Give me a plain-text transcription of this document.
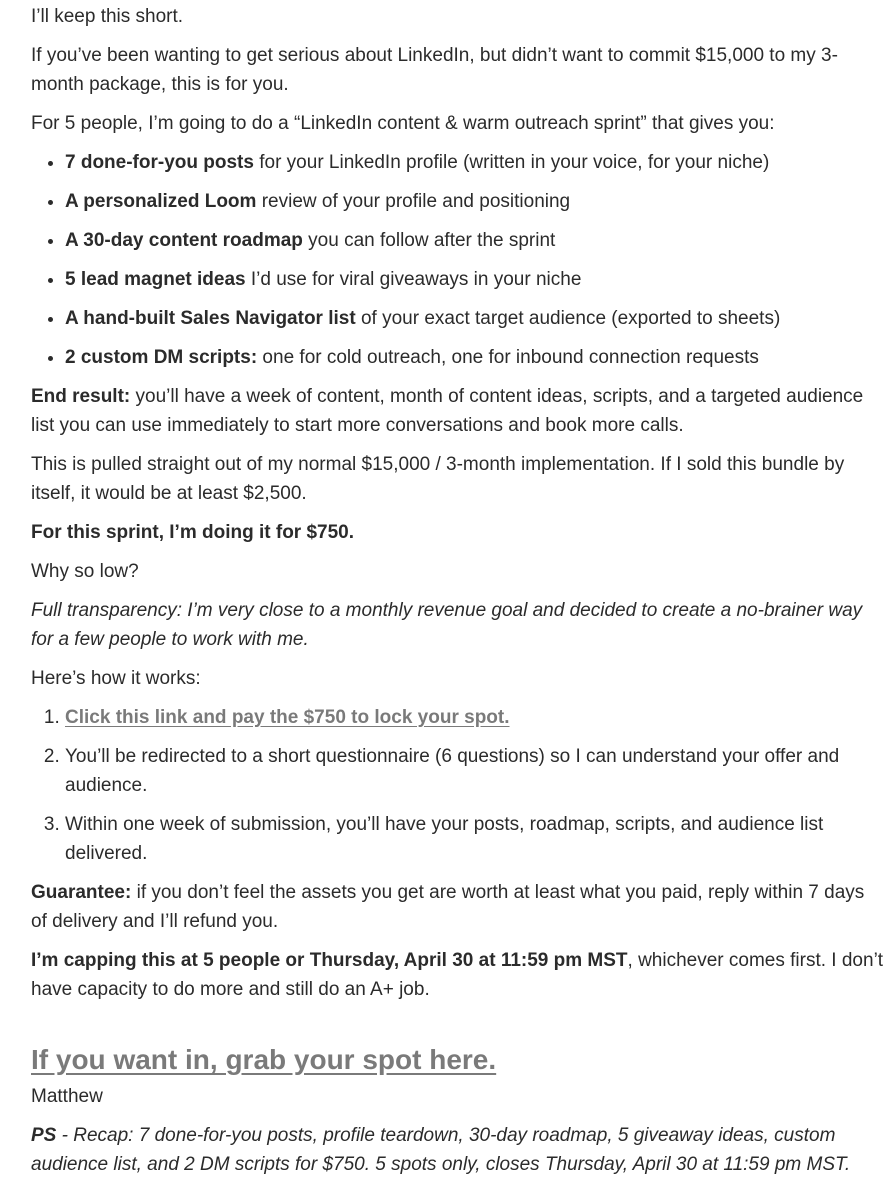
I’ll keep this short.

If you’ve been wanting to get serious about LinkedIn, but didn’t want to commit $15,000 to my 3-month package, this is for you.

For 5 people, I’m going to do a “LinkedIn content & warm outreach sprint” that gives you:

• 7 done-for-you posts for your LinkedIn profile (written in your voice, for your niche)
• A personalized Loom review of your profile and positioning
• A 30-day content roadmap you can follow after the sprint
• 5 lead magnet ideas I’d use for viral giveaways in your niche
• A hand-built Sales Navigator list of your exact target audience (exported to sheets)
• 2 custom DM scripts: one for cold outreach, one for inbound connection requests

End result: you’ll have a week of content, month of content ideas, scripts, and a targeted audience list you can use immediately to start more conversations and book more calls.

This is pulled straight out of my normal $15,000 / 3-month implementation. If I sold this bundle by itself, it would be at least $2,500.

For this sprint, I’m doing it for $750.

Why so low?

Full transparency: I’m very close to a monthly revenue goal and decided to create a no-brainer way for a few people to work with me.

Here’s how it works:

1. Click this link and pay the $750 to lock your spot.
2. You’ll be redirected to a short questionnaire (6 questions) so I can understand your offer and audience.
3. Within one week of submission, you’ll have your posts, roadmap, scripts, and audience list delivered.

Guarantee: if you don’t feel the assets you get are worth at least what you paid, reply within 7 days of delivery and I’ll refund you.

I’m capping this at 5 people or Thursday, April 30 at 11:59 pm MST, whichever comes first. I don’t have capacity to do more and still do an A+ job.

If you want in, grab your spot here.

Matthew

PS - Recap: 7 done-for-you posts, profile teardown, 30-day roadmap, 5 giveaway ideas, custom audience list, and 2 DM scripts for $750. 5 spots only, closes Thursday, April 30 at 11:59 pm MST.
